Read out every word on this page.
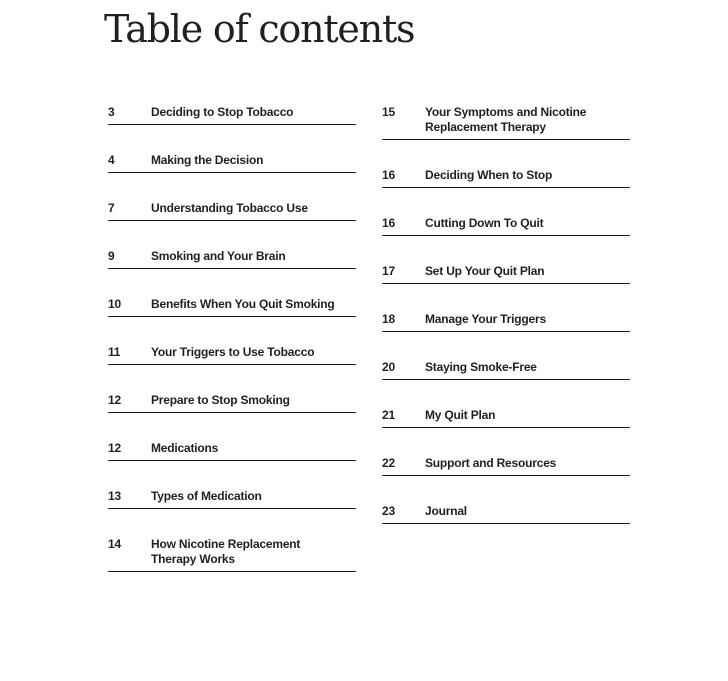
Table of contents
3	Deciding to Stop Tobacco
4	Making the Decision
7	Understanding Tobacco Use
9	Smoking and Your Brain
10	Benefits When You Quit Smoking
11	Your Triggers to Use Tobacco
12	Prepare to Stop Smoking
12	Medications
13	Types of Medication
14	How Nicotine Replacement Therapy Works
15	Your Symptoms and Nicotine Replacement Therapy
16	Deciding When to Stop
16	Cutting Down To Quit
17	Set Up Your Quit Plan
18	Manage Your Triggers
20	Staying Smoke-Free
21	My Quit Plan
22	Support and Resources
23	Journal
